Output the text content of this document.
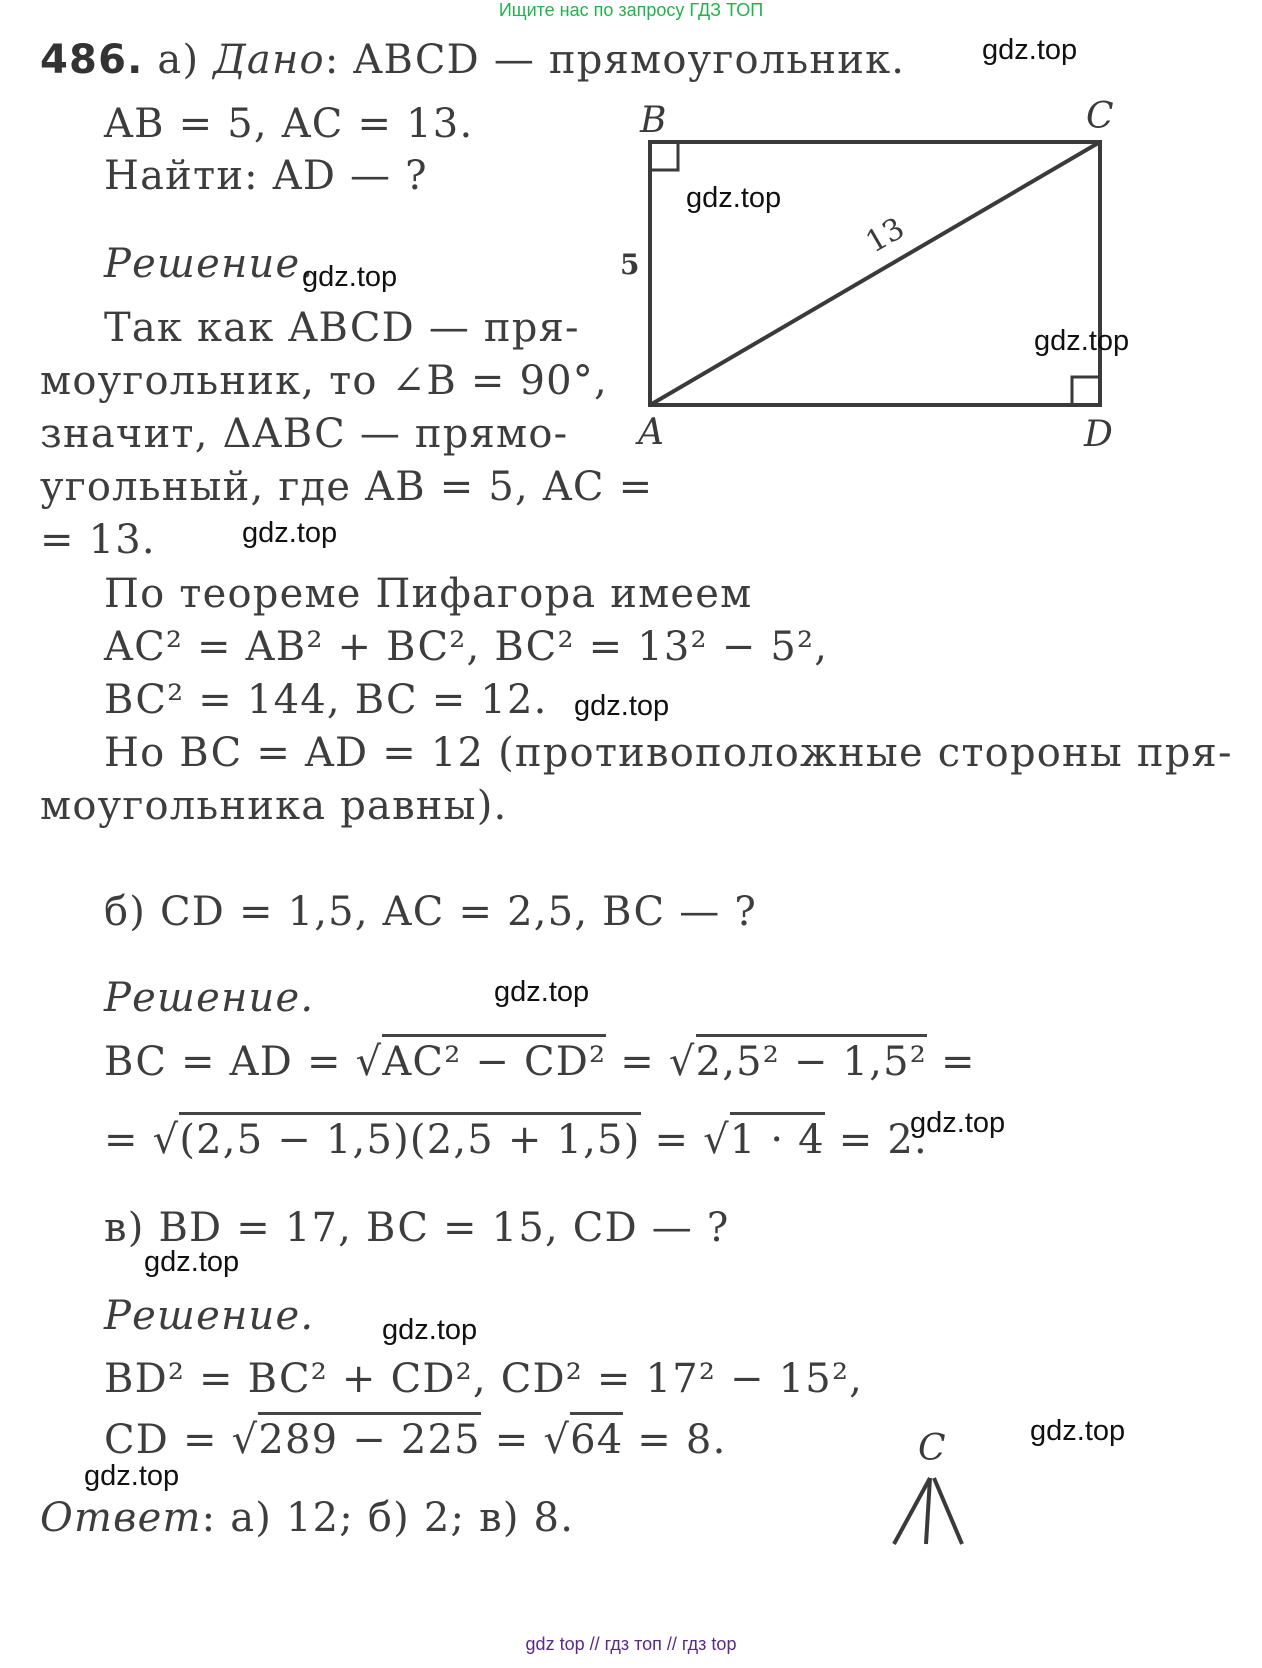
Ищите нас по запросу ГДЗ ТОП
gdz top // гдз топ // гдз top
486. а) Дано: ABCD — прямоугольник.
AB = 5, AC = 13.
Найти: AD — ?
Решение.
Так как ABCD — пря-
моугольник, то ∠B = 90°,
значит, ΔABC — прямо-
угольный, где AB = 5, AC =
= 13.
По теореме Пифагора имеем
AC² = AB² + BC², BC² = 13² − 5²,
BC² = 144, BC = 12.
Но BC = AD = 12 (противоположные стороны пря-
моугольника равны).
B	C
A	D
5
13
б) CD = 1,5, AC = 2,5, BC — ?
Решение.
BC = AD = √AC² − CD² = √2,5² − 1,5² =
= √(2,5 − 1,5)(2,5 + 1,5) = √1 · 4 = 2.
в) BD = 17, BC = 15, CD — ?
Решение.
BD² = BC² + CD², CD² = 17² − 15²,
CD = √289 − 225 = √64 = 8.
Ответ: а) 12; б) 2; в) 8.
C
gdz.top
gdz.top
gdz.top
gdz.top
gdz.top
gdz.top
gdz.top
gdz.top
gdz.top
gdz.top
gdz.top
gdz.top
